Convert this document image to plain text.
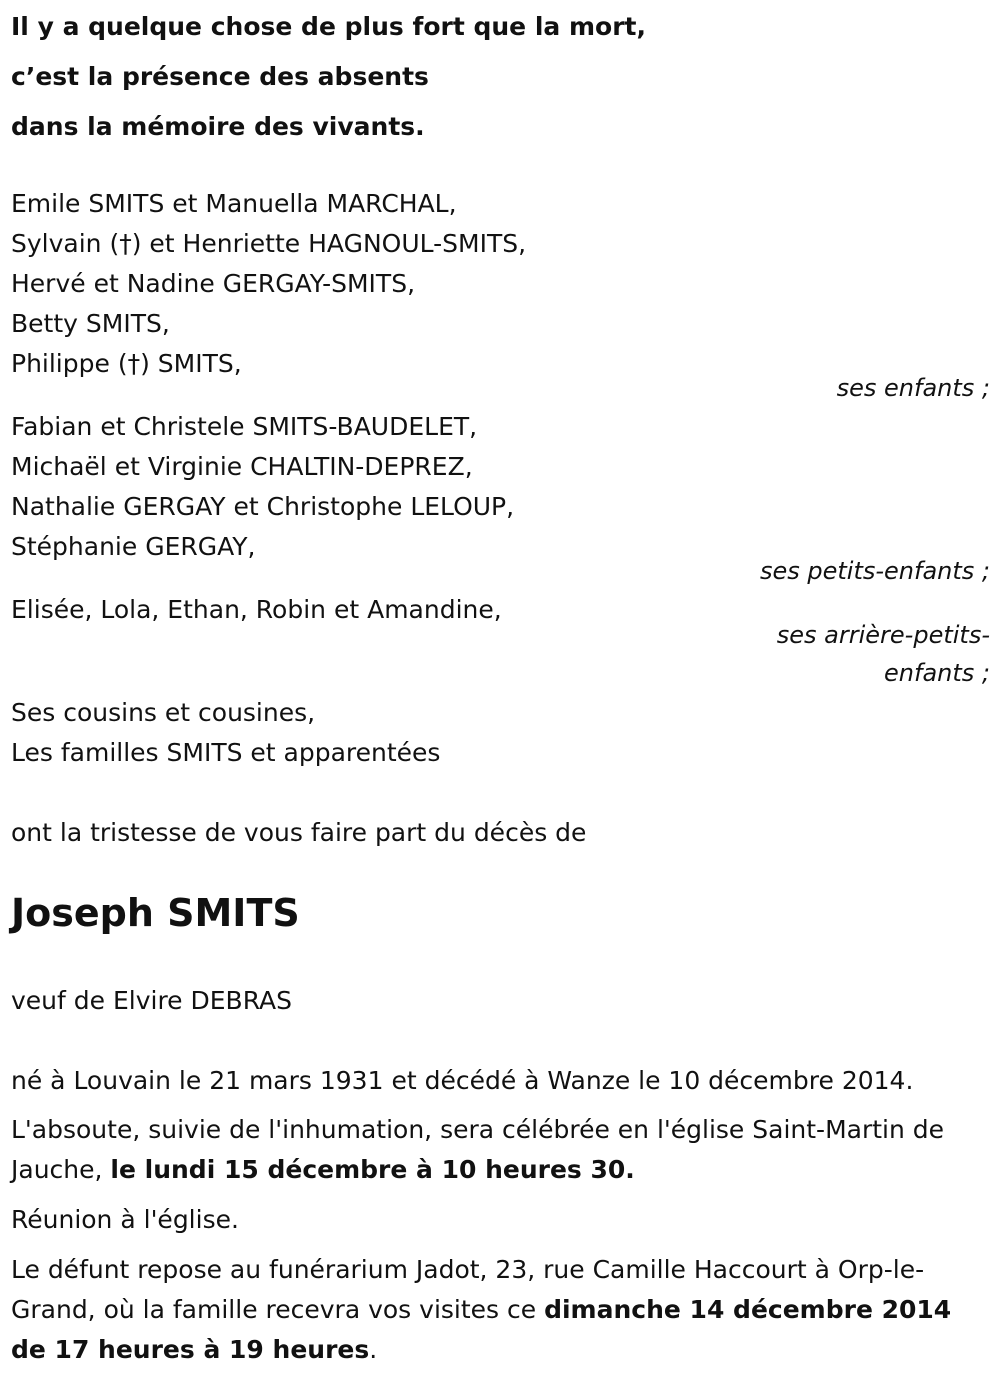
Il y a quelque chose de plus fort que la mort,

c’est la présence des absents

dans la mémoire des vivants.

Emile SMITS et Manuella MARCHAL,

Sylvain (†) et Henriette HAGNOUL-SMITS,

Hervé et Nadine GERGAY-SMITS,

Betty SMITS,

Philippe (†) SMITS,

ses enfants ;

Fabian et Christele SMITS-BAUDELET,

Michaël et Virginie CHALTIN-DEPREZ,

Nathalie GERGAY et Christophe LELOUP,

Stéphanie GERGAY,

ses petits-enfants ;

Elisée, Lola, Ethan, Robin et Amandine,

ses arrière-petits-
enfants ;

Ses cousins et cousines,

Les familles SMITS et apparentées

ont la tristesse de vous faire part du décès de

Joseph SMITS

veuf de Elvire DEBRAS

né à Louvain le 21 mars 1931 et décédé à Wanze le 10 décembre 2014.

L'absoute, suivie de l'inhumation, sera célébrée en l'église Saint-Martin de Jauche, le lundi 15 décembre à 10 heures 30.

Réunion à l'église.

Le défunt repose au funérarium Jadot, 23, rue Camille Haccourt à Orp-le-Grand, où la famille recevra vos visites ce dimanche 14 décembre 2014 de 17 heures à 19 heures.
